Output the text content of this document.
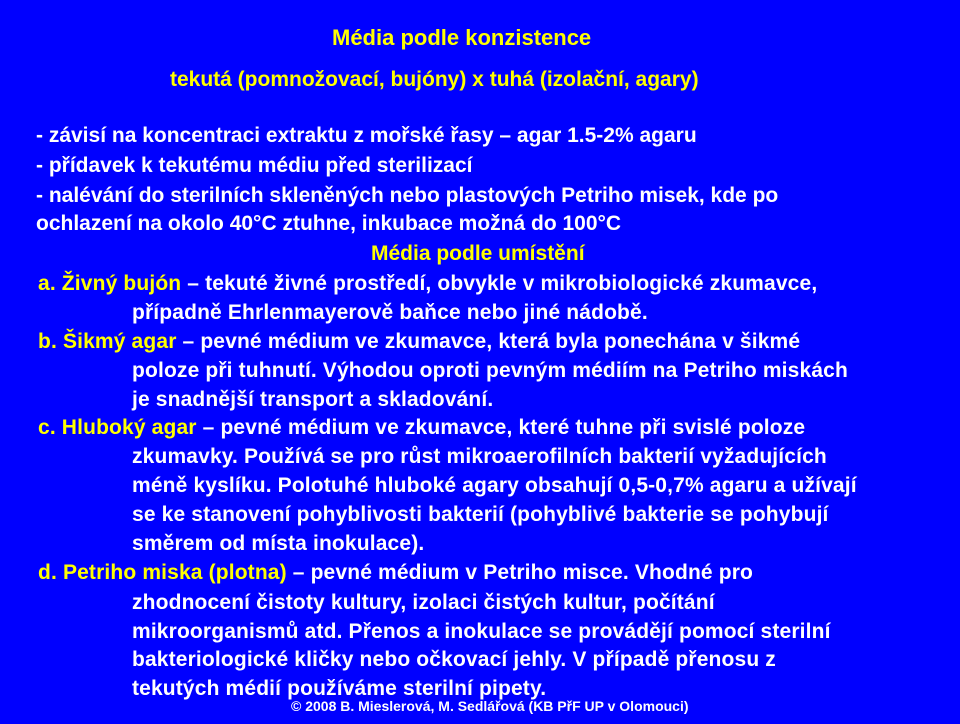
Média podle konzistence
tekutá (pomnožovací, bujóny) x tuhá (izolační, agary)
- závisí na koncentraci extraktu z mořské řasy – agar 1.5-2% agaru
- přídavek k tekutému médiu před sterilizací
- nalévání do sterilních skleněných nebo plastových Petriho misek, kde po
ochlazení na okolo 40°C ztuhne, inkubace možná do 100°C
Média podle umístění
a. Živný bujón – tekuté živné prostředí, obvykle v mikrobiologické zkumavce,
případně Ehrlenmayerově baňce nebo jiné nádobě.
b. Šikmý agar – pevné médium ve zkumavce, která byla ponechána v šikmé
poloze při tuhnutí. Výhodou oproti pevným médiím na Petriho miskách
je snadnější transport a skladování.
c. Hluboký agar – pevné médium ve zkumavce, které tuhne při svislé poloze
zkumavky. Používá se pro růst mikroaerofilních bakterií vyžadujících
méně kyslíku. Polotuhé hluboké agary obsahují 0,5-0,7% agaru a užívají
se ke stanovení pohyblivosti bakterií (pohyblivé bakterie se pohybují
směrem od místa inokulace).
d. Petriho miska (plotna) – pevné médium v Petriho misce. Vhodné pro
zhodnocení čistoty kultury, izolaci čistých kultur, počítání
mikroorganismů atd. Přenos a inokulace se provádějí pomocí sterilní
bakteriologické kličky nebo očkovací jehly. V případě přenosu z
tekutých médií používáme sterilní pipety.
© 2008 B. Mieslerová, M. Sedlářová (KB PřF UP v Olomouci)
